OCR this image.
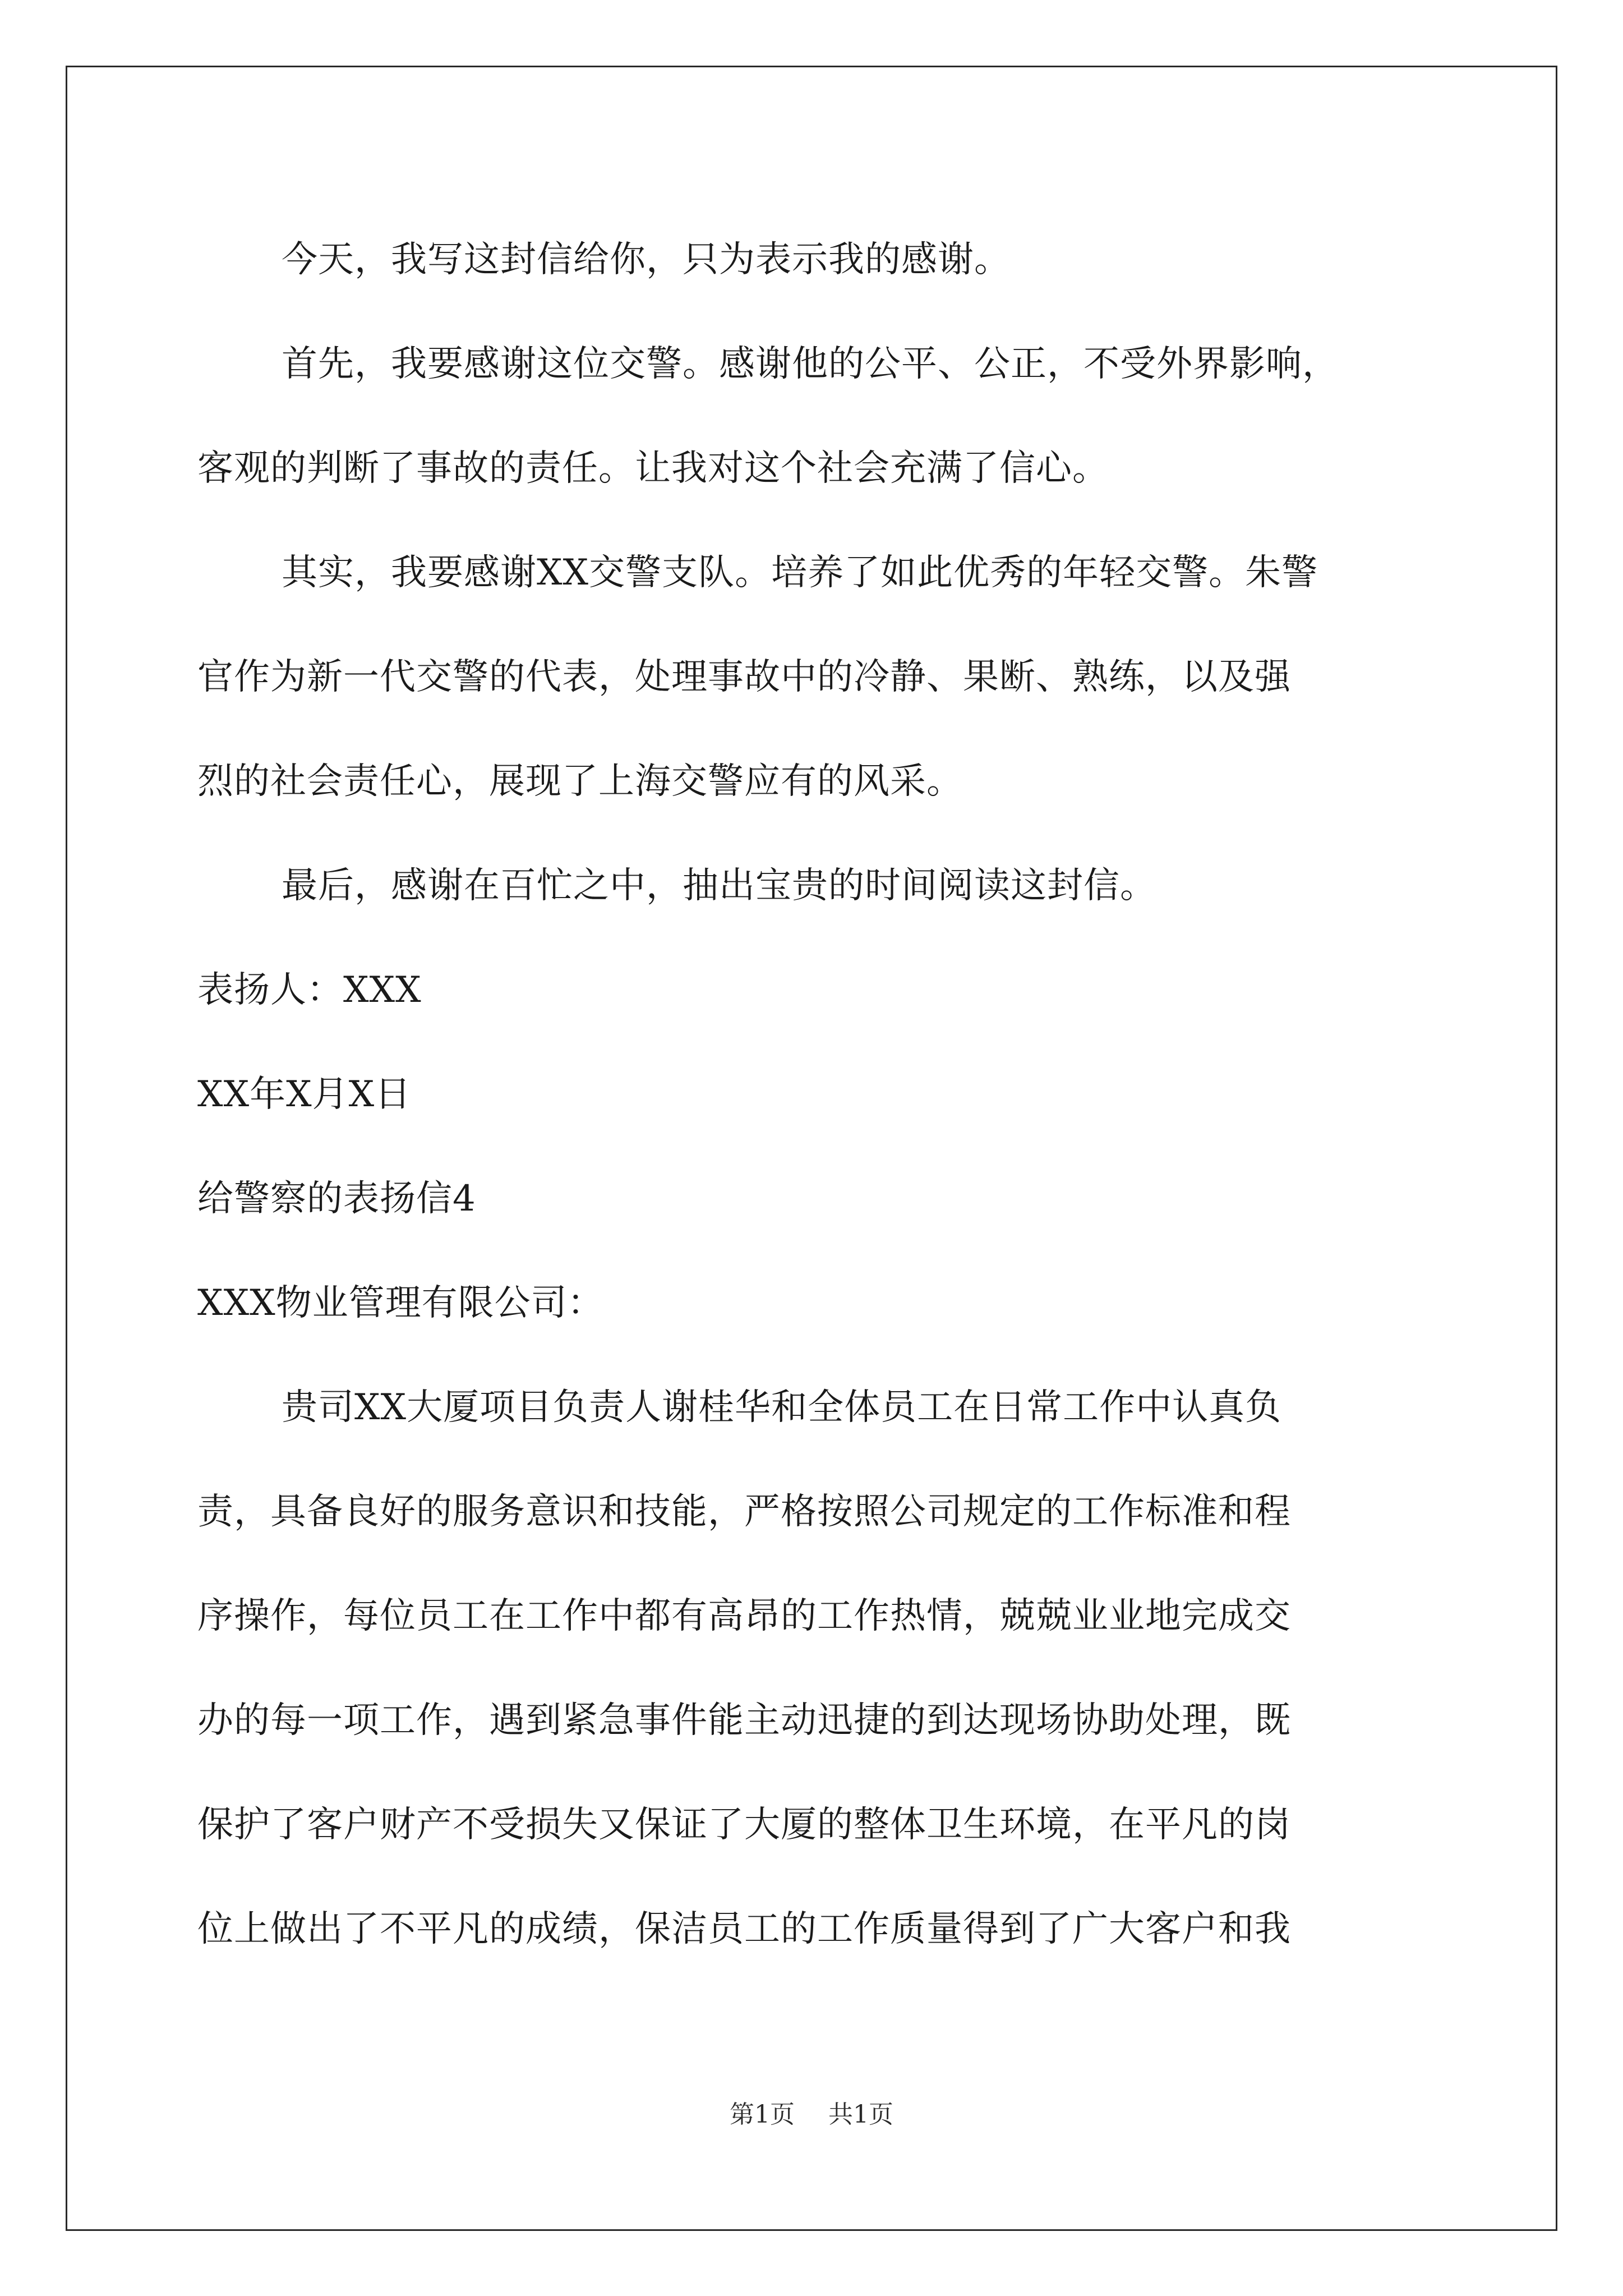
今天，我写这封信给你，只为表示我的感谢。
首先，我要感谢这位交警。感谢他的公平、公正，不受外界影响，
客观的判断了事故的责任。让我对这个社会充满了信心。
其实，我要感谢XX交警支队。培养了如此优秀的年轻交警。朱警
官作为新一代交警的代表，处理事故中的冷静、果断、熟练，以及强
烈的社会责任心，展现了上海交警应有的风采。
最后，感谢在百忙之中，抽出宝贵的时间阅读这封信。
表扬人：XXX
XX年X月X日
给警察的表扬信4
XXX物业管理有限公司：
贵司XX大厦项目负责人谢桂华和全体员工在日常工作中认真负
责，具备良好的服务意识和技能，严格按照公司规定的工作标准和程
序操作，每位员工在工作中都有高昂的工作热情，兢兢业业地完成交
办的每一项工作，遇到紧急事件能主动迅捷的到达现场协助处理，既
保护了客户财产不受损失又保证了大厦的整体卫生环境，在平凡的岗
位上做出了不平凡的成绩，保洁员工的工作质量得到了广大客户和我
第1页 共1页
